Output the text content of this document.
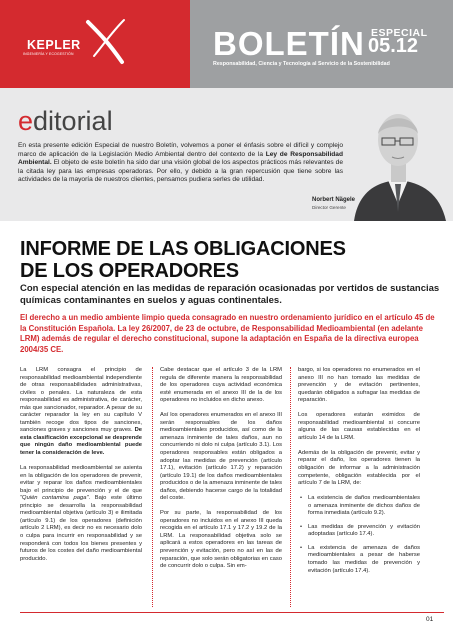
KEPLER
INGENIERÍA Y ECOGESTIÓN	BOLETÍN ESPECIAL
05.12
Responsabilidad, Ciencia y Tecnología al Servicio de la Sostenibilidad
editorial
En esta presente edición Especial de nuestro Boletín, volvemos a poner el énfasis sobre el difícil y complejo marco de aplicación de la Legislación Medio Ambiental dentro del contexto de la Ley de Responsabilidad Ambiental. El objeto de este boletín ha sido dar una visión global de los aspectos prácticos más relevantes de la citada ley para las empresas operadoras. Por ello, y debido a la gran repercusión que tiene sobre las actividades de la mayoría de nuestros clientes, pensamos pudiera serles de utilidad.
Norbert Nägele
Director Gerente
INFORME DE LAS OBLIGACIONES
DE LOS OPERADORES
Con especial atención en las medidas de reparación ocasionadas por vertidos de sustancias químicas contaminantes en suelos y aguas continentales.
El derecho a un medio ambiente limpio queda consagrado en nuestro ordenamiento jurídico en el artículo 45 de la Constitución Española. La ley 26/2007, de 23 de octubre, de Responsabilidad Medioambiental (en adelante LRM) además de regular el derecho constitucional, supone la adaptación en España de la directiva europea 2004/35 CE.

La LRM consagra el principio de responsabilidad medioambiental independiente de otras responsabilidades administrativas, civiles o penales. La naturaleza de esta responsabilidad es administrativa, de carácter, más que sancionador, reparador. A pesar de su carácter reparador la ley en su capítulo V también recoge dos tipos de sanciones, sanciones graves y sanciones muy graves. De esta clasificación excepcional se desprende que ningún daño medioambiental puede tener la consideración de leve.

La responsabilidad medioambiental se asienta en la obligación de los operadores de prevenir, evitar y reparar los daños medioambientales bajo el principio de prevención y el de que "Quién contamina paga". Bajo este último principio se desarrolla la responsabilidad medioambiental objetiva (artículo 3) e ilimitada (artículo 9.1) de los operadores (definición artículo 2 LRM), es decir no es necesario dolo o culpa para incurrir en responsabilidad y se responderá con todos los bienes presentes y futuros de los costes del daño medioambiental producido.

Cabe destacar que el artículo 3 de la LRM regula de diferente manera la responsabilidad de los operadores cuya actividad económica esté enumerada en el anexo III de la de los operadores no incluidos en dicho anexo.

Así los operadores enumerados en el anexo III serán responsables de los daños medioambientales producidos, así como de la amenaza inminente de tales daños, aun no concurriendo ni dolo ni culpa (artículo 3.1). Los operadores responsables están obligados a adoptar las medidas de prevención (artículo 17.1), evitación (artículo 17.2) y reparación (artículo 19.1) de los daños medioambientales producidos o de la amenaza inminente de tales daños, debiendo hacerse cargo de la totalidad del coste.

Por su parte, la responsabilidad de los operadores no incluidos en el anexo III queda recogida en el artículo 17.1 y 17.2 y 19.2 de la LRM. La responsabilidad objetiva solo se aplicará a estos operadores en las tareas de prevención y evitación, pero no así en las de reparación, que solo serán obligatorias en caso de concurrir dolo o culpa. Sin em-

bargo, si los operadores no enumerados en el anexo III no han tomado las medidas de prevención y de evitación pertinentes, quedarán obligados a sufragar las medidas de reparación.

Los operadores estarán eximidos de responsabilidad medioambiental si concurre alguna de las causas establecidas en el artículo 14 de la LRM.

Además de la obligación de prevenir, evitar y reparar el daño, los operadores tienen la obligación de informar a la administración competente, obligación establecida por el artículo 7 de la LRM, de:

• La existencia de daños medioambientales o amenaza inminente de dichos daños de forma inmediata (artículo 9.2).
• Las medidas de prevención y evitación adoptadas (artículo 17.4).
• La existencia de amenaza de daños medioambientales a pesar de haberse tomado las medidas de prevención y evitación (artículo 17.4).
01
